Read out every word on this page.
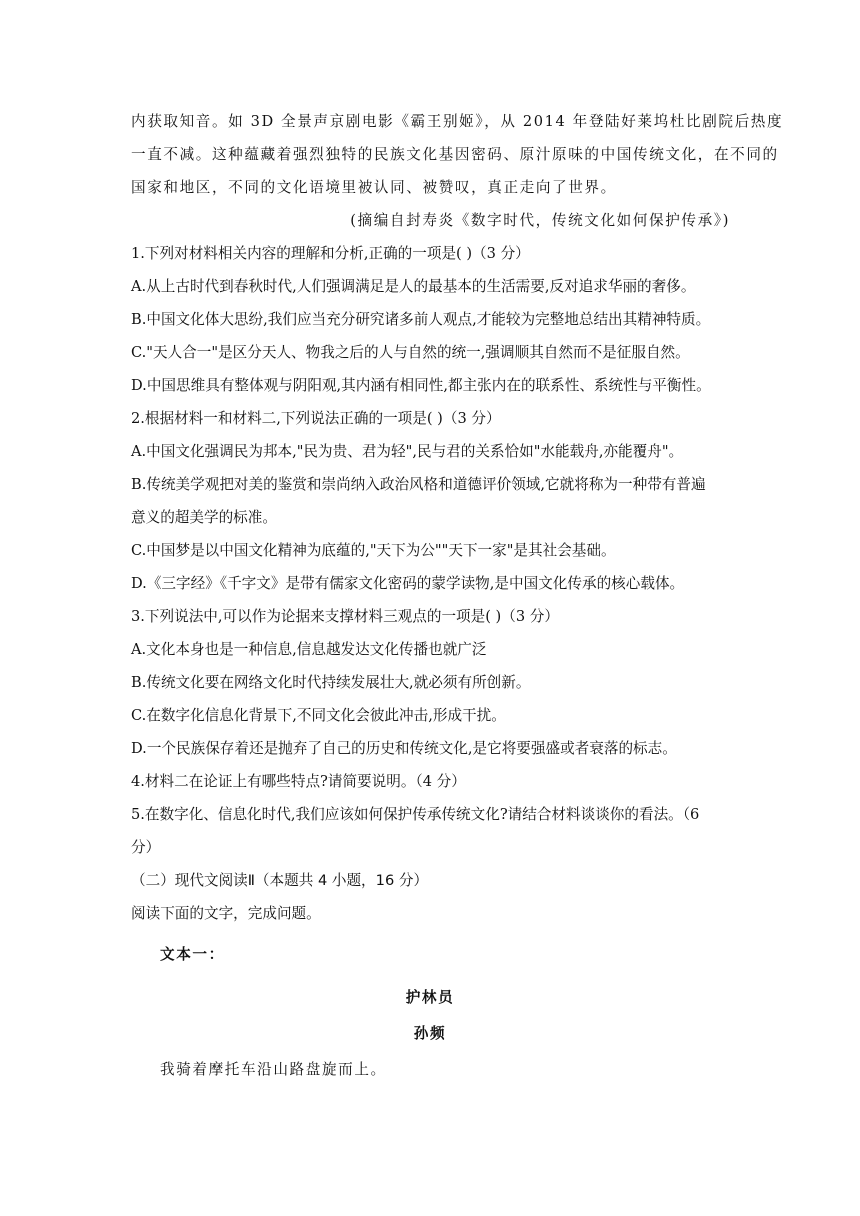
内获取知音。如 3D 全景声京剧电影《霸王别姬》，从 2014 年登陆好莱坞杜比剧院后热度
一直不减。这种蕴藏着强烈独特的民族文化基因密码、原汁原味的中国传统文化，在不同的
国家和地区，不同的文化语境里被认同、被赞叹，真正走向了世界。
(摘编自封寿炎《数字时代，传统文化如何保护传承》)
1.下列对材料相关内容的理解和分析,正确的一项是( )（3 分）
A.从上古时代到春秋时代,人们强调满足是人的最基本的生活需要,反对追求华丽的奢侈。
B.中国文化体大思纷,我们应当充分研究诸多前人观点,才能较为完整地总结出其精神特质。
C."天人合一"是区分天人、物我之后的人与自然的统一,强调顺其自然而不是征服自然。
D.中国思维具有整体观与阴阳观,其内涵有相同性,都主张内在的联系性、系统性与平衡性。
2.根据材料一和材料二,下列说法正确的一项是( )（3 分）
A.中国文化强调民为邦本,"民为贵、君为轻",民与君的关系恰如"水能载舟,亦能覆舟"。
B.传统美学观把对美的鉴赏和崇尚纳入政治风格和道德评价领域,它就将称为一种带有普遍
意义的超美学的标准。
C.中国梦是以中国文化精神为底蕴的,"天下为公""天下一家"是其社会基础。
D.《三字经》《千字文》是带有儒家文化密码的蒙学读物,是中国文化传承的核心载体。
3.下列说法中,可以作为论据来支撑材料三观点的一项是( )（3 分）
A.文化本身也是一种信息,信息越发达文化传播也就广泛
B.传统文化要在网络文化时代持续发展壮大,就必须有所创新。
C.在数字化信息化背景下,不同文化会彼此冲击,形成干扰。
D.一个民族保存着还是抛弃了自己的历史和传统文化,是它将要强盛或者衰落的标志。
4.材料二在论证上有哪些特点?请简要说明。（4 分）
5.在数字化、信息化时代,我们应该如何保护传承传统文化?请结合材料谈谈你的看法。（6
分）
（二）现代文阅读Ⅱ（本题共 4 小题，16 分）
阅读下面的文字，完成问题。
文本一：
护林员
孙频
我骑着摩托车沿山路盘旋而上。
